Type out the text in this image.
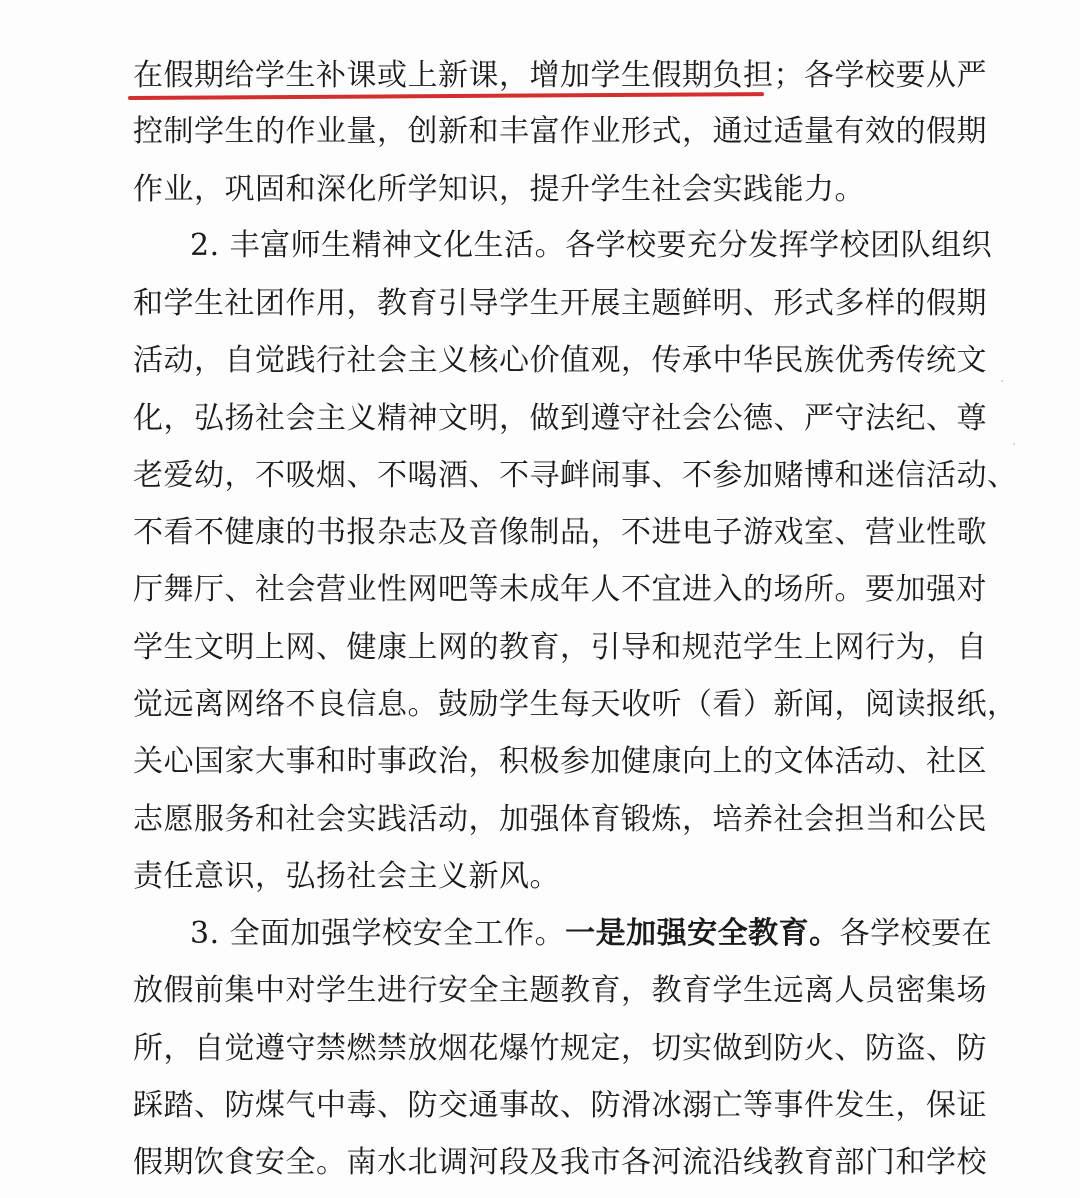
在假期给学生补课或上新课，增加学生假期负担；各学校要从严
控制学生的作业量，创新和丰富作业形式，通过适量有效的假期
作业，巩固和深化所学知识，提升学生社会实践能力。
2. 丰富师生精神文化生活。各学校要充分发挥学校团队组织
和学生社团作用，教育引导学生开展主题鲜明、形式多样的假期
活动，自觉践行社会主义核心价值观，传承中华民族优秀传统文
化，弘扬社会主义精神文明，做到遵守社会公德、严守法纪、尊
老爱幼，不吸烟、不喝酒、不寻衅闹事、不参加赌博和迷信活动、
不看不健康的书报杂志及音像制品，不进电子游戏室、营业性歌
厅舞厅、社会营业性网吧等未成年人不宜进入的场所。要加强对
学生文明上网、健康上网的教育，引导和规范学生上网行为，自
觉远离网络不良信息。鼓励学生每天收听（看）新闻，阅读报纸，
关心国家大事和时事政治，积极参加健康向上的文体活动、社区
志愿服务和社会实践活动，加强体育锻炼，培养社会担当和公民
责任意识，弘扬社会主义新风。
3. 全面加强学校安全工作。一是加强安全教育。各学校要在
放假前集中对学生进行安全主题教育，教育学生远离人员密集场
所，自觉遵守禁燃禁放烟花爆竹规定，切实做到防火、防盗、防
踩踏、防煤气中毒、防交通事故、防滑冰溺亡等事件发生，保证
假期饮食安全。南水北调河段及我市各河流沿线教育部门和学校
·
·
